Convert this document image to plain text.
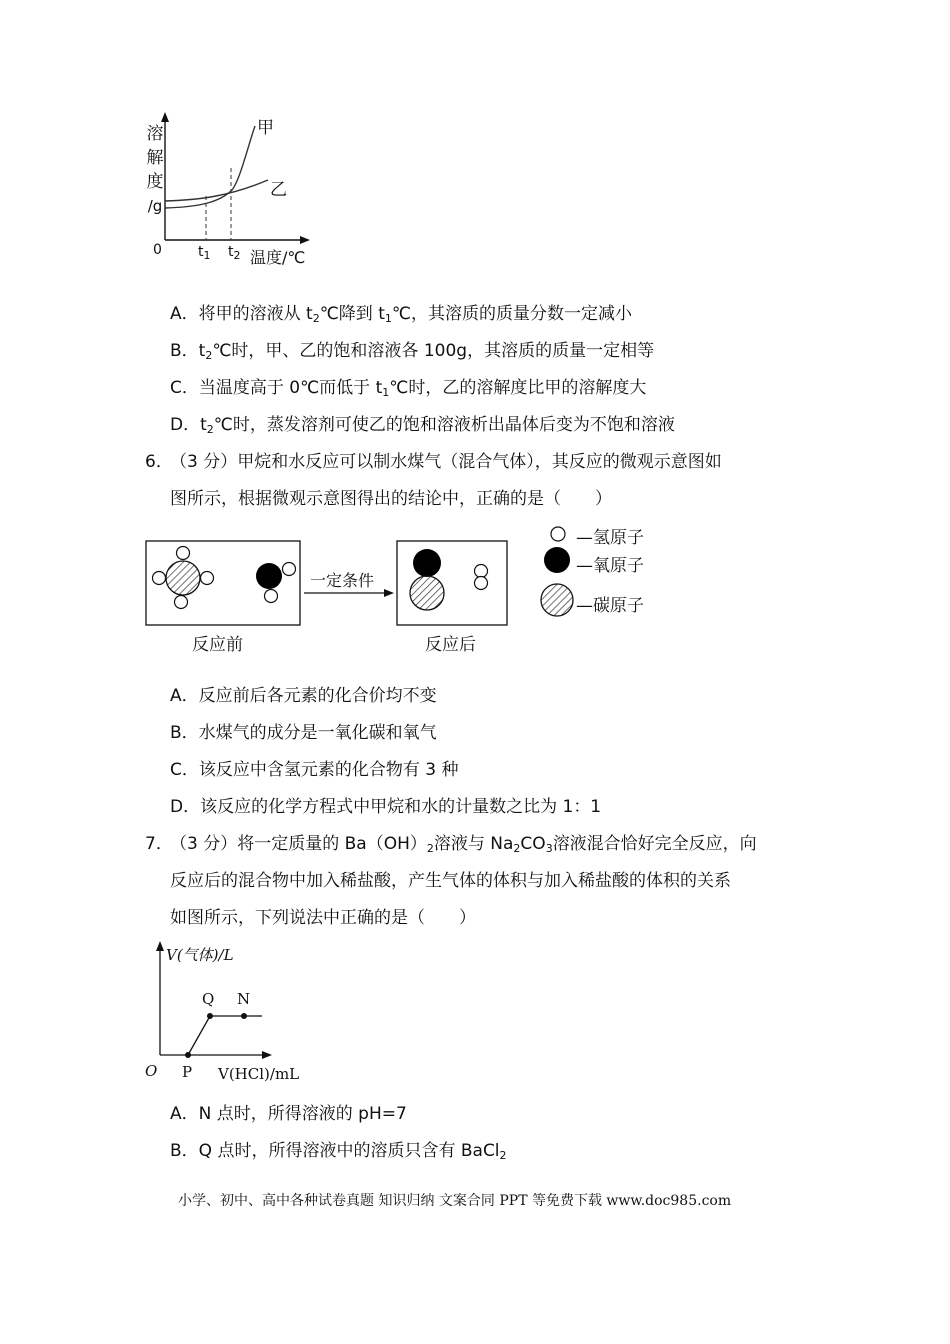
溶
解
度
/g
0	$t_1$ $t_2$ 温度/℃
甲
乙
A．将甲的溶液从 $t_2℃$降到 $t_1℃$，其溶质的质量分数一定减小
B．$t_2℃$时，甲、乙的饱和溶液各 100g，其溶质的质量一定相等
C．当温度高于 0℃而低于 $t_1℃$时，乙的溶解度比甲的溶解度大
D．$t_2℃$时，蒸发溶剂可使乙的饱和溶液析出晶体后变为不饱和溶液
6．
（3 分）甲烷和水反应可以制水煤气（混合气体），其反应的微观示意图如
图所示，根据微观示意图得出的结论中，正确的是（　　）
一定条件
反应前	反应后
—氢原子
—氧原子
—碳原子
A．反应前后各元素的化合价均不变
B．水煤气的成分是一氧化碳和氧气
C．该反应中含氢元素的化合物有 3 种
D．该反应的化学方程式中甲烷和水的计量数之比为 1：1
7．
（3 分）将一定质量的 $Ba(OH)_2$溶液与 $Na_2CO_3$溶液混合恰好完全反应，向
反应后的混合物中加入稀盐酸，产生气体的体积与加入稀盐酸的体积的关系
如图所示，下列说法中正确的是（　　）
V(气体)/L
V(HCl)/mL
O P
Q N
A．N 点时，所得溶液的 pH=7
B．Q 点时，所得溶液中的溶质只含有 BaCl$_2$
小学、初中、高中各种试卷真题 知识归纳 文案合同 PPT 等免费下载 www.doc985.com
